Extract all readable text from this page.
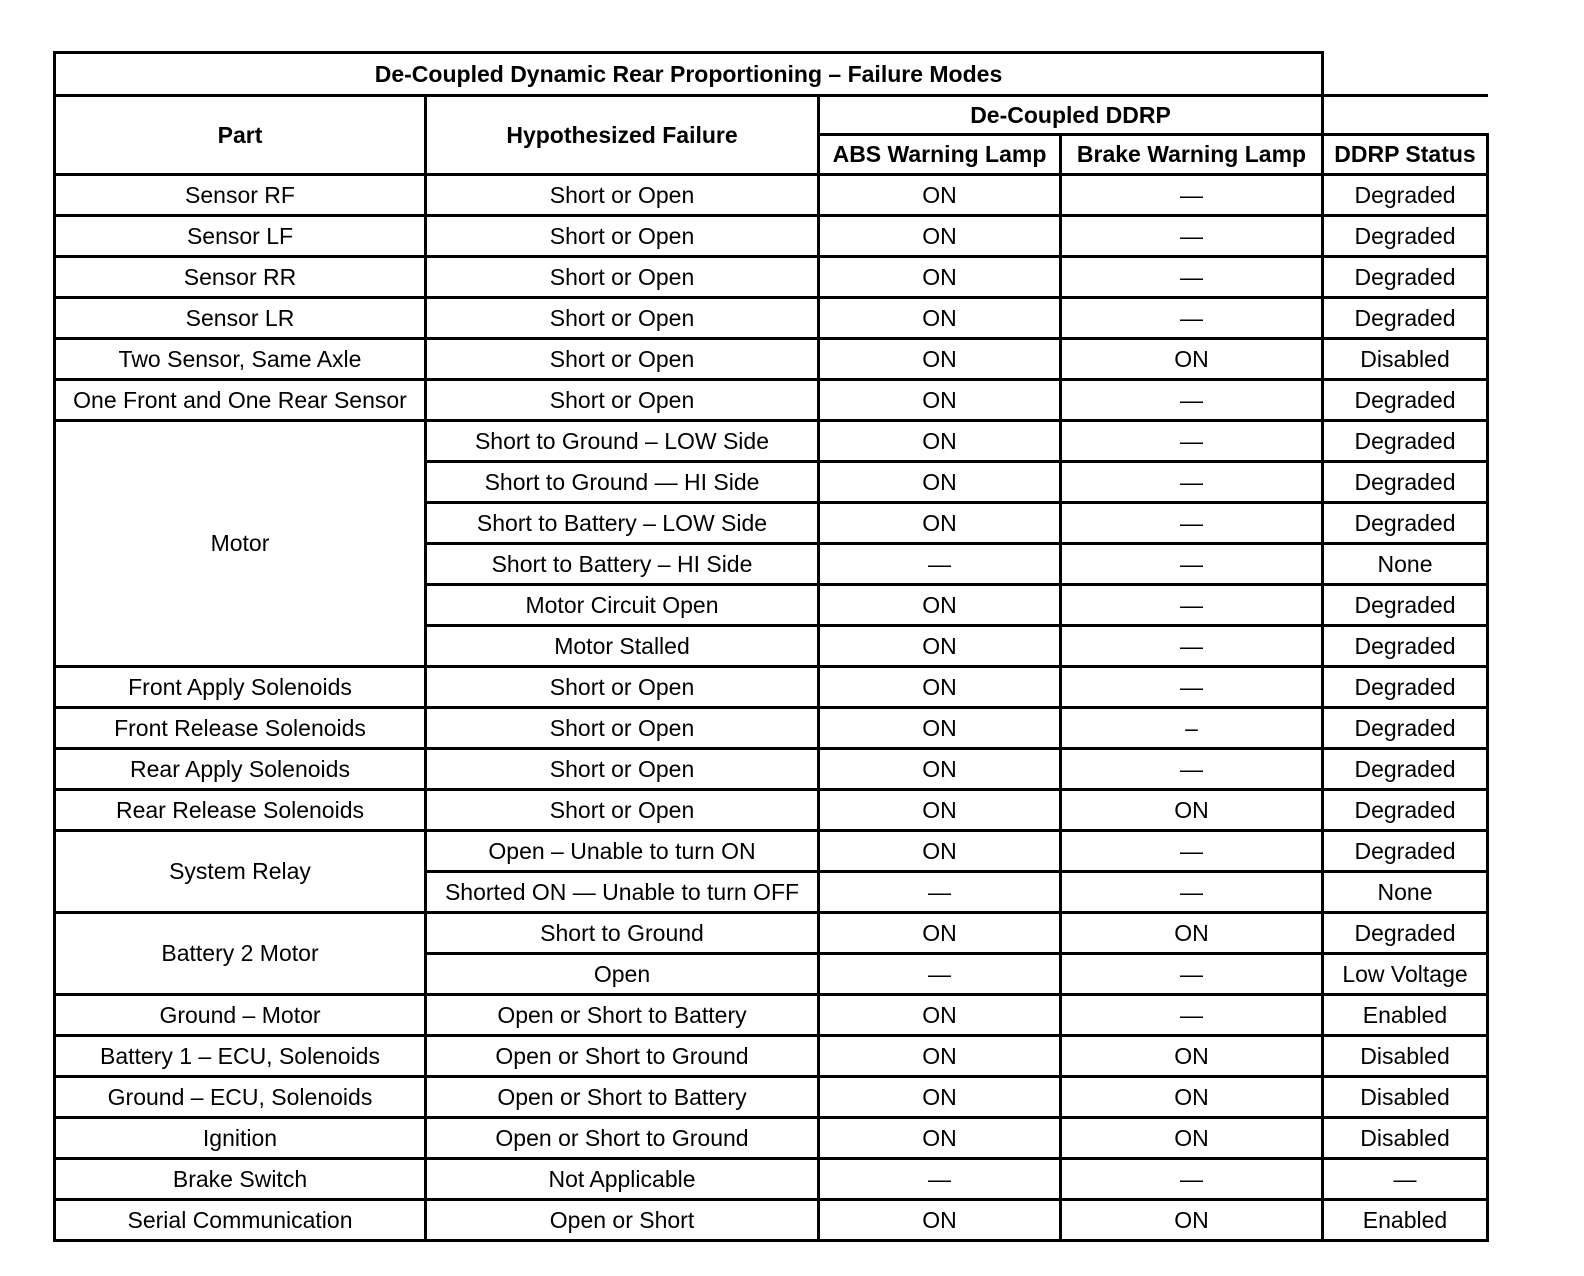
De-Coupled Dynamic Rear Proportioning – Failure Modes				
Part	Hypothesized Failure	De-Coupled DDRP		
		ABS Warning Lamp	Brake Warning Lamp	DDRP Status
Sensor RF	Short or Open	ON	—	Degraded
Sensor LF	Short or Open	ON	—	Degraded
Sensor RR	Short or Open	ON	—	Degraded
Sensor LR	Short or Open	ON	—	Degraded
Two Sensor, Same Axle	Short or Open	ON	ON	Disabled
One Front and One Rear Sensor	Short or Open	ON	—	Degraded
Motor	Short to Ground – LOW Side	ON	—	Degraded
	Short to Ground — HI Side	ON	—	Degraded
	Short to Battery – LOW Side	ON	—	Degraded
	Short to Battery – HI Side	—	—	None
	Motor Circuit Open	ON	—	Degraded
	Motor Stalled	ON	—	Degraded
Front Apply Solenoids	Short or Open	ON	—	Degraded
Front Release Solenoids	Short or Open	ON	–	Degraded
Rear Apply Solenoids	Short or Open	ON	—	Degraded
Rear Release Solenoids	Short or Open	ON	ON	Degraded
System Relay	Open – Unable to turn ON	ON	—	Degraded
	Shorted ON — Unable to turn OFF	—	—	None
Battery 2 Motor	Short to Ground	ON	ON	Degraded
	Open	—	—	Low Voltage
Ground – Motor	Open or Short to Battery	ON	—	Enabled
Battery 1 – ECU, Solenoids	Open or Short to Ground	ON	ON	Disabled
Ground – ECU, Solenoids	Open or Short to Battery	ON	ON	Disabled
Ignition	Open or Short to Ground	ON	ON	Disabled
Brake Switch	Not Applicable	—	—	—
Serial Communication	Open or Short	ON	ON	Enabled
